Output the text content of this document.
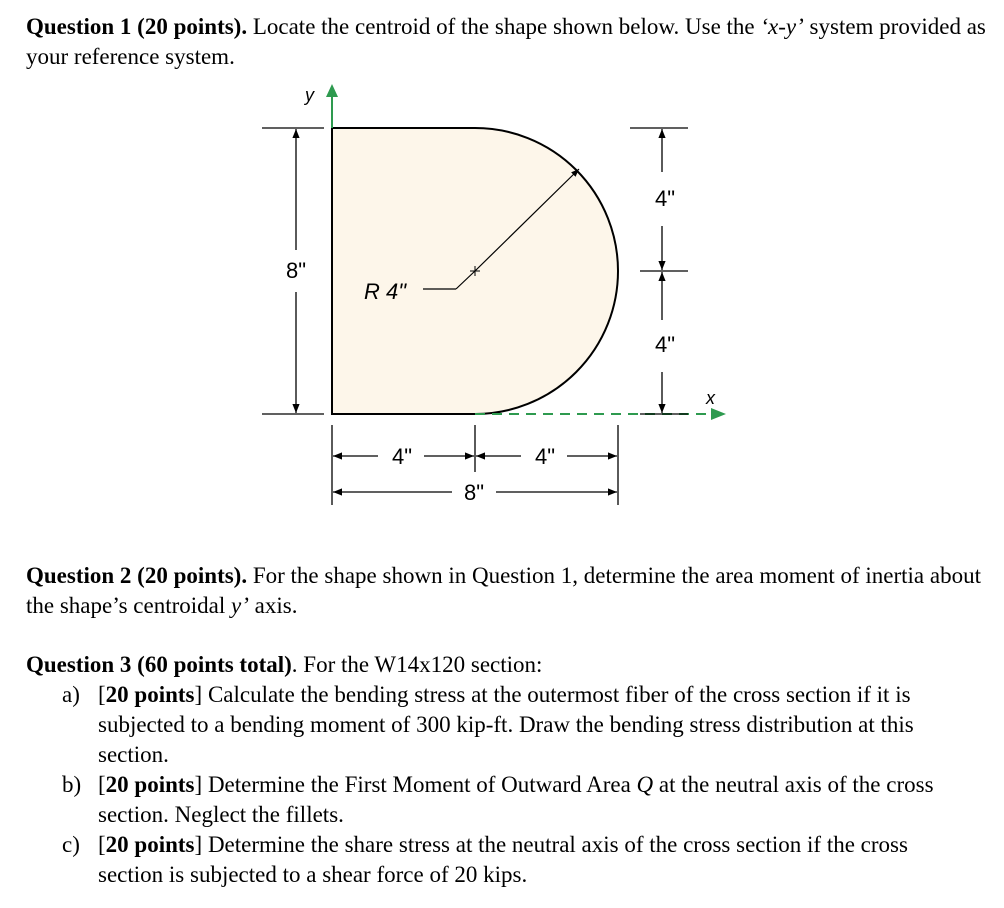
Question 1 (20 points). Locate the centroid of the shape shown below. Use the ‘x-y’ system provided as your reference system.

y
x
8"
R 4"
4"
4"
4"	4"
8"

Question 2 (20 points). For the shape shown in Question 1, determine the area moment of inertia about the shape’s centroidal y’ axis.

Question 3 (60 points total). For the W14x120 section:

a) [20 points] Calculate the bending stress at the outermost fiber of the cross section if it is subjected to a bending moment of 300 kip-ft. Draw the bending stress distribution at this section.
b) [20 points] Determine the First Moment of Outward Area Q at the neutral axis of the cross section. Neglect the fillets.
c) [20 points] Determine the share stress at the neutral axis of the cross section if the cross section is subjected to a shear force of 20 kips.
